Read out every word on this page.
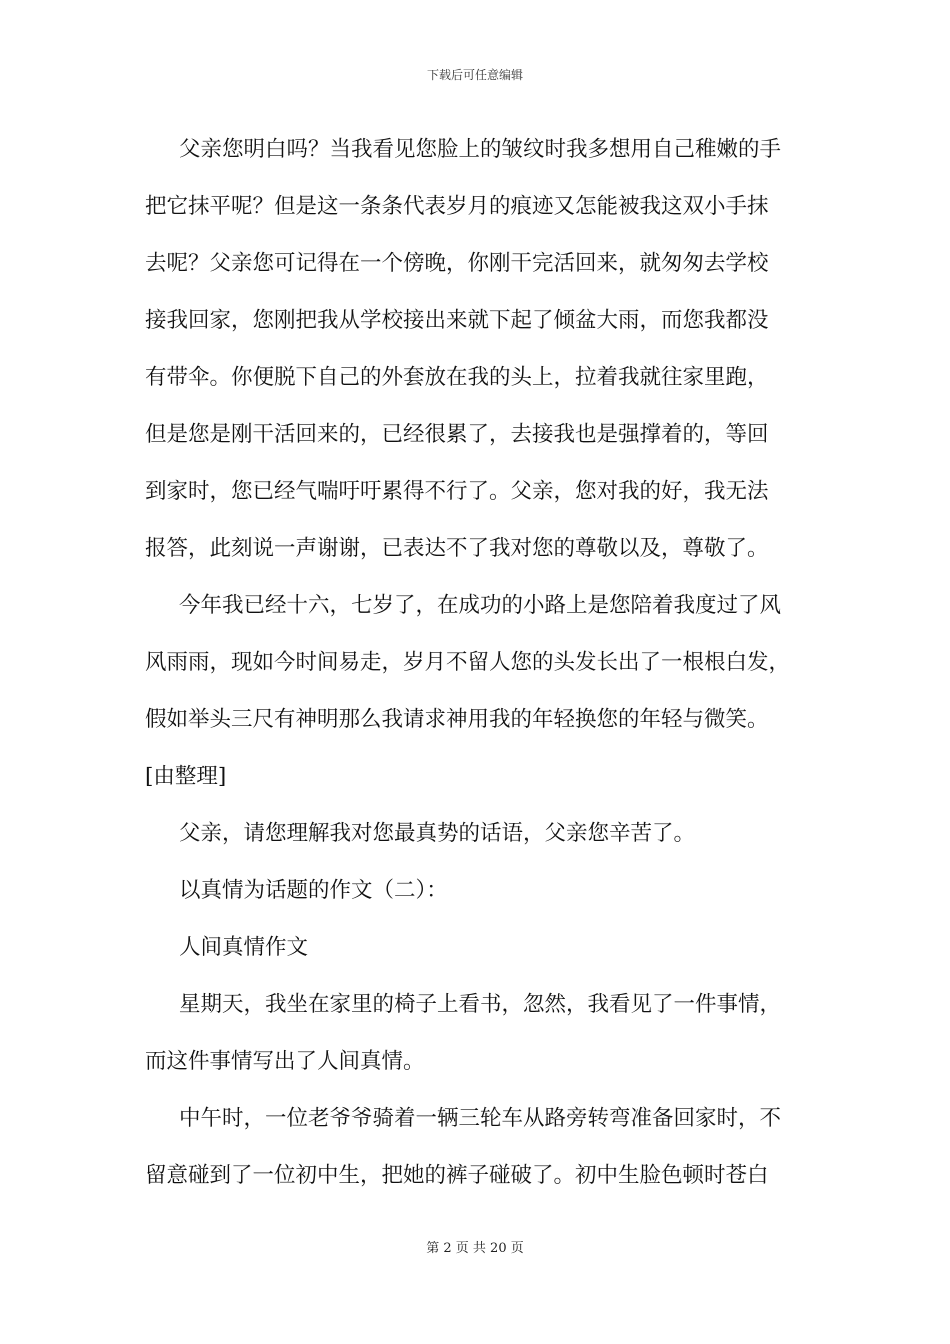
下载后可任意编辑
父亲您明白吗？当我看见您脸上的皱纹时我多想用自己稚嫩的手
把它抹平呢？但是这一条条代表岁月的痕迹又怎能被我这双小手抹
去呢？父亲您可记得在一个傍晚，你刚干完活回来，就匆匆去学校
接我回家，您刚把我从学校接出来就下起了倾盆大雨，而您我都没
有带伞。你便脱下自己的外套放在我的头上，拉着我就往家里跑，
但是您是刚干活回来的，已经很累了，去接我也是强撑着的，等回
到家时，您已经气喘吁吁累得不行了。父亲，您对我的好，我无法
报答，此刻说一声谢谢，已表达不了我对您的尊敬以及，尊敬了。
今年我已经十六，七岁了，在成功的小路上是您陪着我度过了风
风雨雨，现如今时间易走，岁月不留人您的头发长出了一根根白发，
假如举头三尺有神明那么我请求神用我的年轻换您的年轻与微笑。
[由整理]
父亲，请您理解我对您最真势的话语，父亲您辛苦了。
以真情为话题的作文（二）：
人间真情作文
星期天，我坐在家里的椅子上看书，忽然，我看见了一件事情，
而这件事情写出了人间真情。
中午时，一位老爷爷骑着一辆三轮车从路旁转弯准备回家时，不
留意碰到了一位初中生，把她的裤子碰破了。初中生脸色顿时苍白
第 2 页 共 20 页
